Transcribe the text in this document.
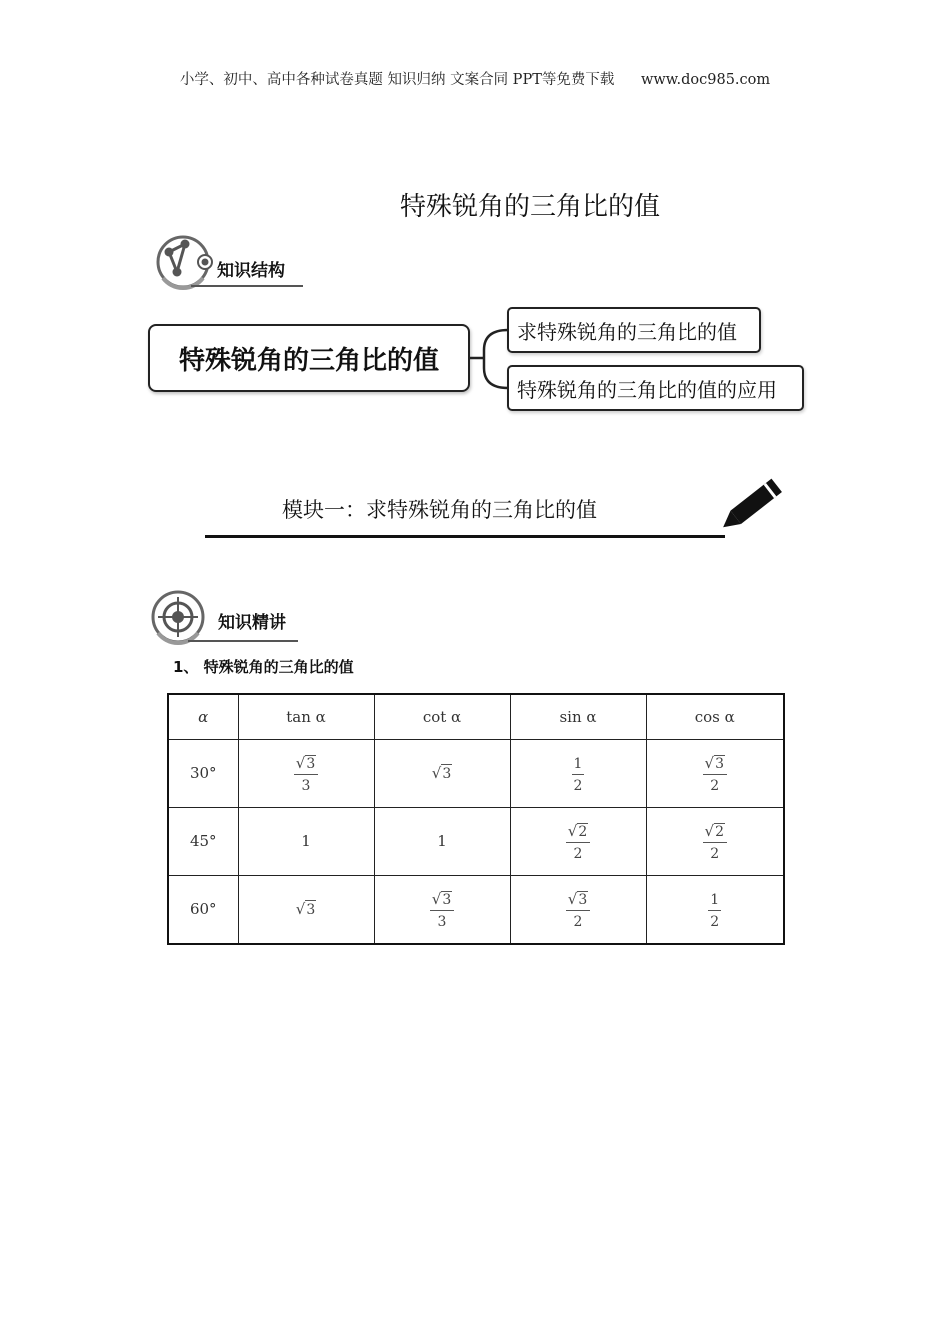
小学、初中、高中各种试卷真题 知识归纳 文案合同 PPT等免费下载 www.doc985.com
特殊锐角的三角比的值
知识结构
特殊锐角的三角比的值
求特殊锐角的三角比的值
特殊锐角的三角比的值的应用
模块一：求特殊锐角的三角比的值
知识精讲
1、 特殊锐角的三角比的值
α	tan α	cot α	sin α	cos α
30°	$\frac{√ 3}{3}$	√ 3	$\frac{1}{2}$	$\frac{√ 3}{2}$

45°	1	1	$\frac{√ 2}{2}$	$\frac{√ 2}{2}$

60°	√ 3	$\frac{√ 3}{3}$	$\frac{√ 3}{2}$	$\frac{1}{2}$
